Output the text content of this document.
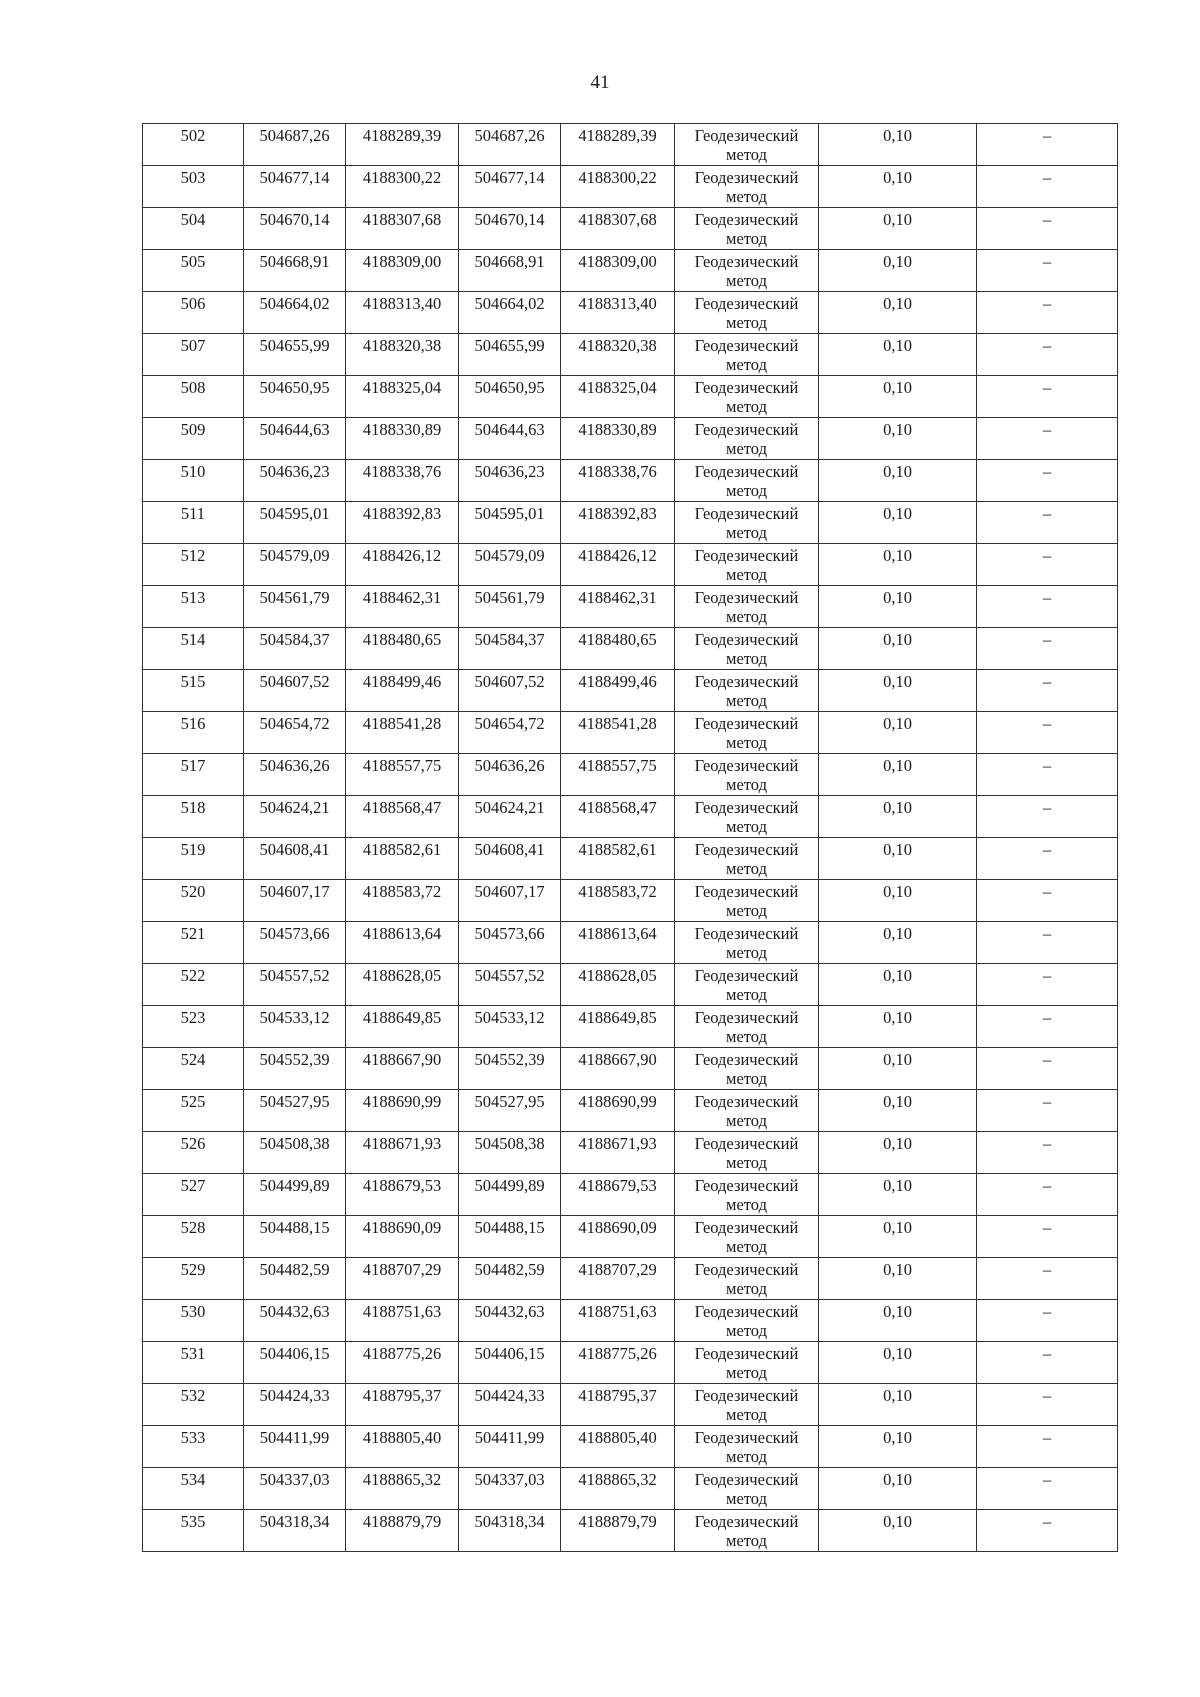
41
502	504687,26	4188289,39	504687,26	4188289,39	Геодезический
метод	0,10	–
503	504677,14	4188300,22	504677,14	4188300,22	Геодезический
метод	0,10	–
504	504670,14	4188307,68	504670,14	4188307,68	Геодезический
метод	0,10	–
505	504668,91	4188309,00	504668,91	4188309,00	Геодезический
метод	0,10	–
506	504664,02	4188313,40	504664,02	4188313,40	Геодезический
метод	0,10	–
507	504655,99	4188320,38	504655,99	4188320,38	Геодезический
метод	0,10	–
508	504650,95	4188325,04	504650,95	4188325,04	Геодезический
метод	0,10	–
509	504644,63	4188330,89	504644,63	4188330,89	Геодезический
метод	0,10	–
510	504636,23	4188338,76	504636,23	4188338,76	Геодезический
метод	0,10	–
511	504595,01	4188392,83	504595,01	4188392,83	Геодезический
метод	0,10	–
512	504579,09	4188426,12	504579,09	4188426,12	Геодезический
метод	0,10	–
513	504561,79	4188462,31	504561,79	4188462,31	Геодезический
метод	0,10	–
514	504584,37	4188480,65	504584,37	4188480,65	Геодезический
метод	0,10	–
515	504607,52	4188499,46	504607,52	4188499,46	Геодезический
метод	0,10	–
516	504654,72	4188541,28	504654,72	4188541,28	Геодезический
метод	0,10	–
517	504636,26	4188557,75	504636,26	4188557,75	Геодезический
метод	0,10	–
518	504624,21	4188568,47	504624,21	4188568,47	Геодезический
метод	0,10	–
519	504608,41	4188582,61	504608,41	4188582,61	Геодезический
метод	0,10	–
520	504607,17	4188583,72	504607,17	4188583,72	Геодезический
метод	0,10	–
521	504573,66	4188613,64	504573,66	4188613,64	Геодезический
метод	0,10	–
522	504557,52	4188628,05	504557,52	4188628,05	Геодезический
метод	0,10	–
523	504533,12	4188649,85	504533,12	4188649,85	Геодезический
метод	0,10	–
524	504552,39	4188667,90	504552,39	4188667,90	Геодезический
метод	0,10	–
525	504527,95	4188690,99	504527,95	4188690,99	Геодезический
метод	0,10	–
526	504508,38	4188671,93	504508,38	4188671,93	Геодезический
метод	0,10	–
527	504499,89	4188679,53	504499,89	4188679,53	Геодезический
метод	0,10	–
528	504488,15	4188690,09	504488,15	4188690,09	Геодезический
метод	0,10	–
529	504482,59	4188707,29	504482,59	4188707,29	Геодезический
метод	0,10	–
530	504432,63	4188751,63	504432,63	4188751,63	Геодезический
метод	0,10	–
531	504406,15	4188775,26	504406,15	4188775,26	Геодезический
метод	0,10	–
532	504424,33	4188795,37	504424,33	4188795,37	Геодезический
метод	0,10	–
533	504411,99	4188805,40	504411,99	4188805,40	Геодезический
метод	0,10	–
534	504337,03	4188865,32	504337,03	4188865,32	Геодезический
метод	0,10	–
535	504318,34	4188879,79	504318,34	4188879,79	Геодезический
метод	0,10	–
